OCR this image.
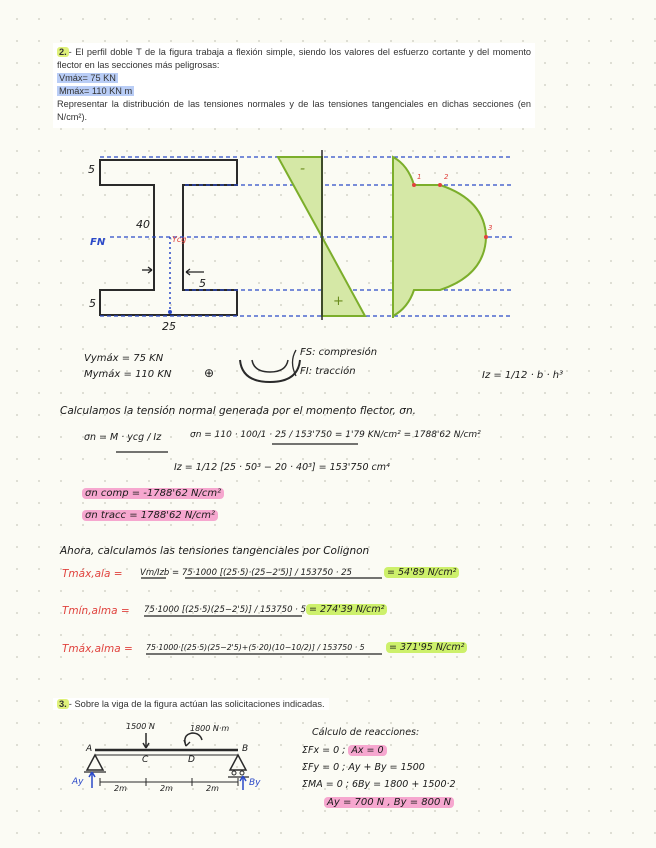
2. - El perfil doble T de la figura trabaja a flexión simple, siendo los valores del esfuerzo cortante y del momento flector en las secciones más peligrosas:

Vmáx= 75 KN

Mmáx= 110 KN m

Representar la distribución de las tensiones normales y de las tensiones tangenciales en dichas secciones (en N/cm²).

5
40
FN	Ycg
5
5
25
-
+
1	2
3
Vymáx = 75 KN
Mymáx = 110 KN	⊕
FS: compresión
FI: tracción	Iz = 1/12 · b · h³
Calculamos la tensión normal generada por el momento flector, σn.
σn = M · ycg / Iz	σn = 110 · 100/1 · 25 / 153'750 = 1'79 KN/cm² = 1788'62 N/cm²
Iz = 1/12 [25 · 50³ − 20 · 40³] = 153'750 cm⁴
σn comp = -1788'62 N/cm²
σn tracc = 1788'62 N/cm²
Ahora, calculamos las tensiones tangenciales por Colignon
Tmáx,ala = Vm/Izb = 75·1000 [(25·5)·(25−2'5)] / 153750 · 25	= 54'89 N/cm²
Tmín,alma = 75·1000 [(25·5)(25−2'5)] / 153750 · 5 = 274'39 N/cm²
Tmáx,alma = 75·1000·[(25·5)(25−2'5)+(5·20)(10−10/2)] / 153750 · 5	= 371'95 N/cm²
3. - Sobre la viga de la figura actúan las solicitaciones indicadas.
1500 N	1800 N·m
A
C	D
B
Ay	By
2m	2m	2m
Cálculo de reacciones:
ΣFx = 0 ; Ax = 0
ΣFy = 0 ; Ay + By = 1500
ΣMA = 0 ; 6By = 1800 + 1500·2
Ay = 700 N , By = 800 N
